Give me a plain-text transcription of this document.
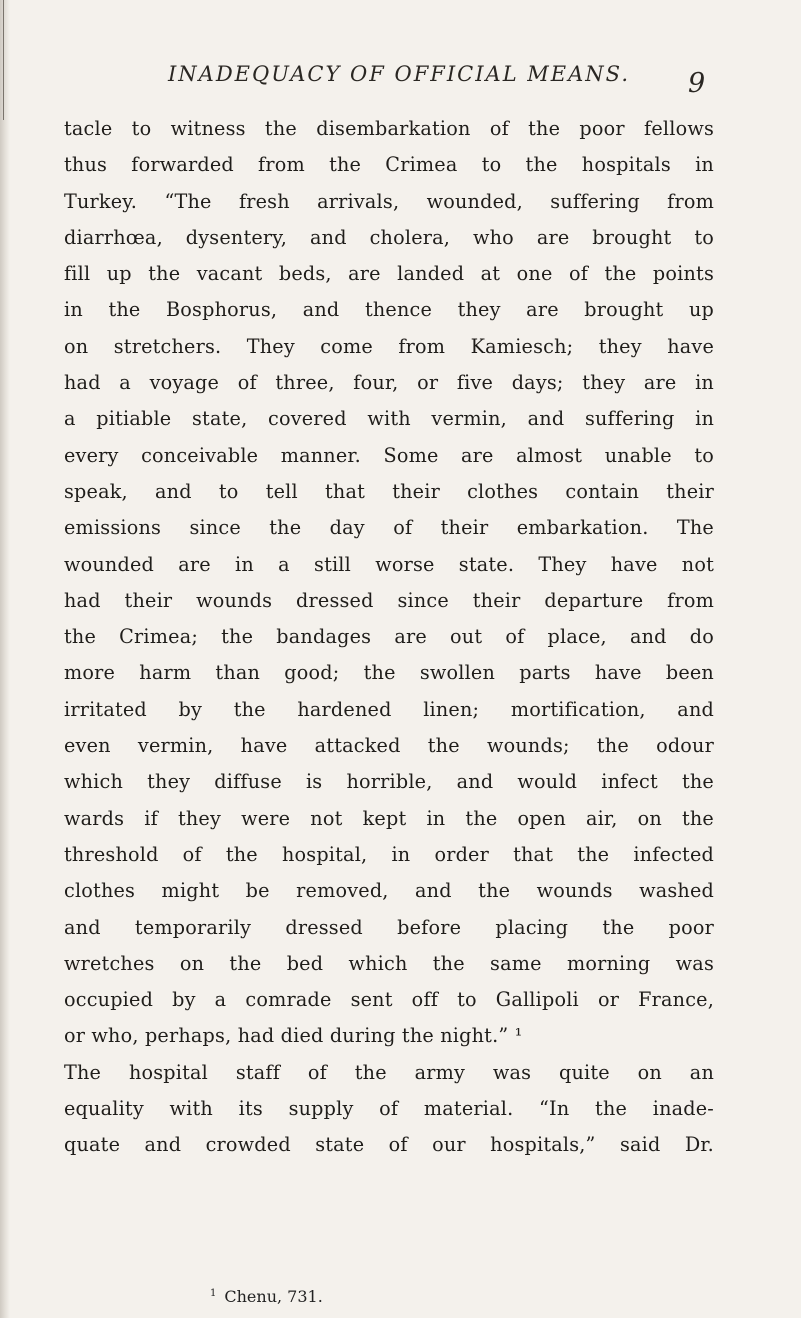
INADEQUACY OF OFFICIAL MEANS. 9
tacle to witness the disembarkation of the poor fellows
thus forwarded from the Crimea to the hospitals in
Turkey. “The fresh arrivals, wounded, suffering from
diarrhœa, dysentery, and cholera, who are brought to
fill up the vacant beds, are landed at one of the points
in the Bosphorus, and thence they are brought up
on stretchers. They come from Kamiesch; they have
had a voyage of three, four, or five days; they are in
a pitiable state, covered with vermin, and suffering in
every conceivable manner. Some are almost unable to
speak, and to tell that their clothes contain their
emissions since the day of their embarkation. The
wounded are in a still worse state. They have not
had their wounds dressed since their departure from
the Crimea; the bandages are out of place, and do
more harm than good; the swollen parts have been
irritated by the hardened linen; mortification, and
even vermin, have attacked the wounds; the odour
which they diffuse is horrible, and would infect the
wards if they were not kept in the open air, on the
threshold of the hospital, in order that the infected
clothes might be removed, and the wounds washed
and temporarily dressed before placing the poor
wretches on the bed which the same morning was
occupied by a comrade sent off to Gallipoli or France,
or who, perhaps, had died during the night.” ¹
The hospital staff of the army was quite on an
equality with its supply of material. “In the inade-
quate and crowded state of our hospitals,” said Dr.
$^1$ Chenu, 731.
